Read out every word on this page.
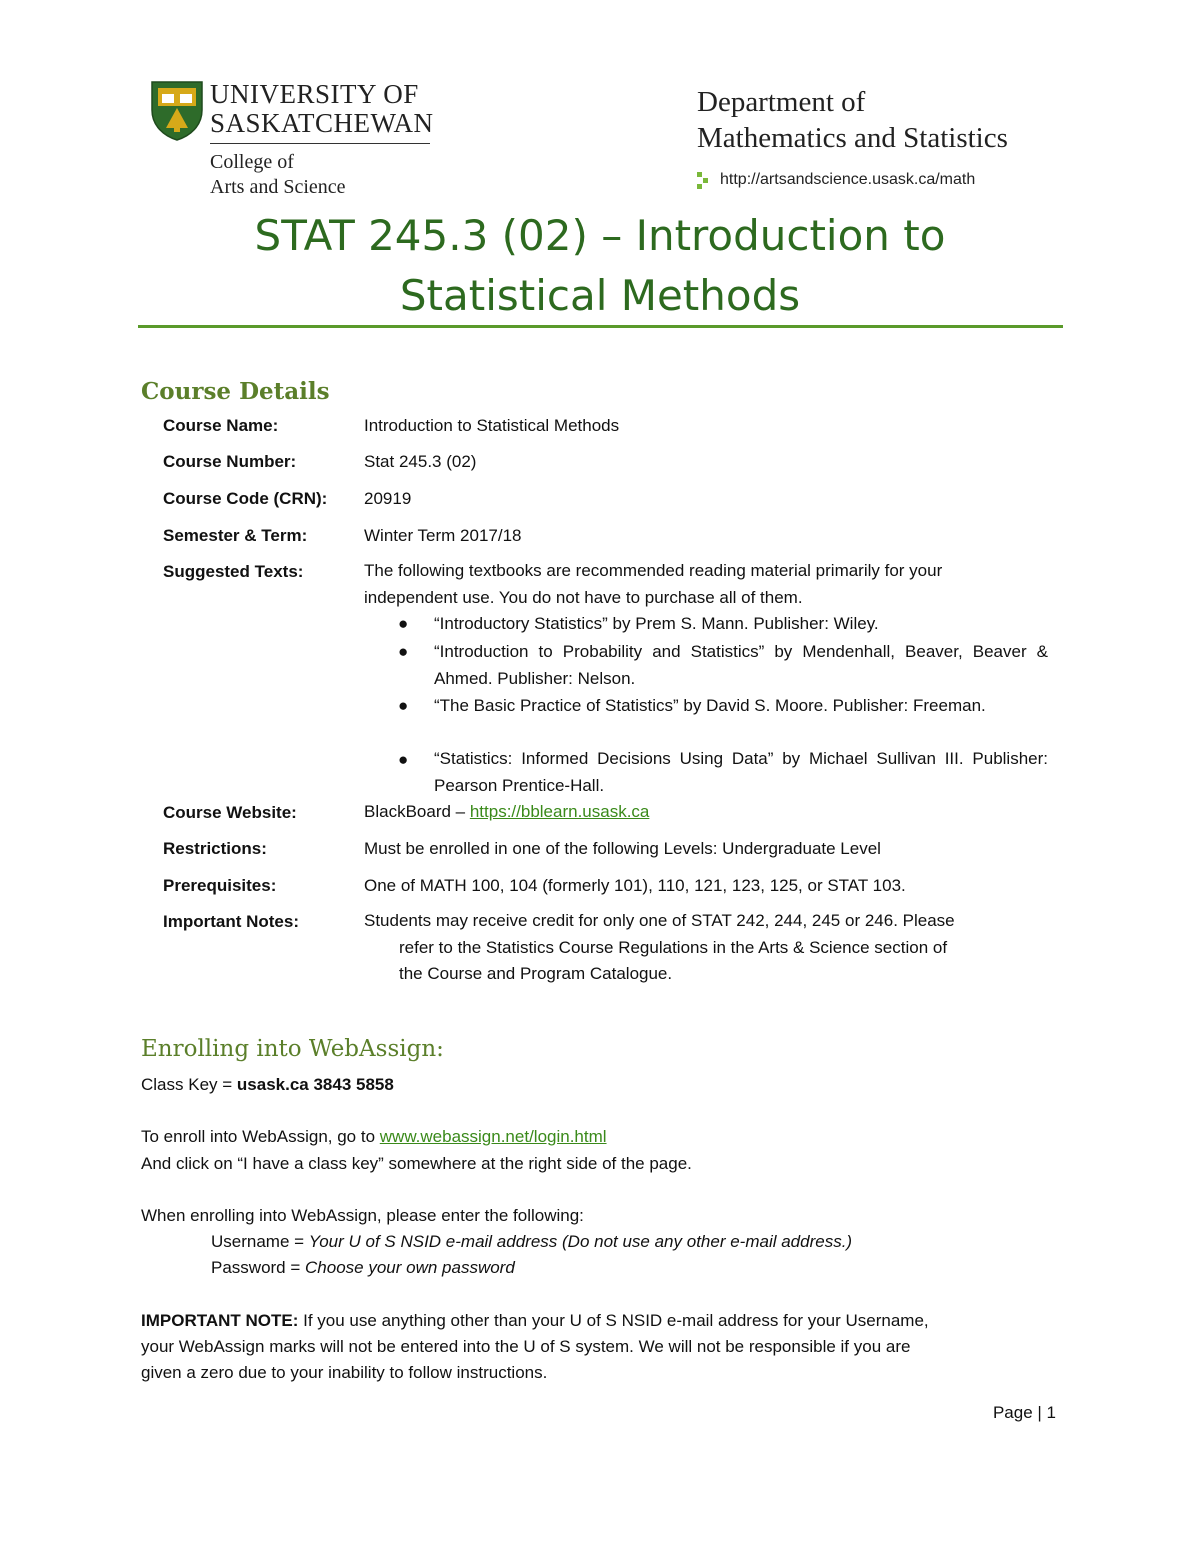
UNIVERSITY OF
SASKATCHEWAN
College of
Arts and Science
Department of
Mathematics and Statistics
http://artsandscience.usask.ca/math
STAT 245.3 (02) – Introduction to
Statistical Methods
Course Details
Course Name:	Introduction to Statistical Methods
Course Number:	Stat 245.3 (02)
Course Code (CRN): 20919
Semester & Term:	Winter Term 2017/18
Suggested Texts:	The following textbooks are recommended reading material primarily for your
independent use. You do not have to purchase all of them.
● “Introductory Statistics” by Prem S. Mann. Publisher: Wiley.
● “Introduction to Probability and Statistics” by Mendenhall, Beaver, Beaver & Ahmed. Publisher: Nelson.
● “The Basic Practice of Statistics” by David S. Moore. Publisher: Freeman.
● “Statistics: Informed Decisions Using Data” by Michael Sullivan III. Publisher: Pearson Prentice-Hall.
Course Website:	BlackBoard – https://bblearn.usask.ca
Restrictions:	Must be enrolled in one of the following Levels: Undergraduate Level
Prerequisites:	One of MATH 100, 104 (formerly 101), 110, 121, 123, 125, or STAT 103.
Important Notes:	Students may receive credit for only one of STAT 242, 244, 245 or 246. Please
refer to the Statistics Course Regulations in the Arts & Science section of
the Course and Program Catalogue.
Enrolling into WebAssign:
Class Key = usask.ca 3843 5858
To enroll into WebAssign, go to www.webassign.net/login.html
And click on “I have a class key” somewhere at the right side of the page.
When enrolling into WebAssign, please enter the following:
Username = Your U of S NSID e-mail address (Do not use any other e-mail address.)
Password = Choose your own password
IMPORTANT NOTE: If you use anything other than your U of S NSID e-mail address for your Username,
your WebAssign marks will not be entered into the U of S system. We will not be responsible if you are
given a zero due to your inability to follow instructions.
Page | 1
